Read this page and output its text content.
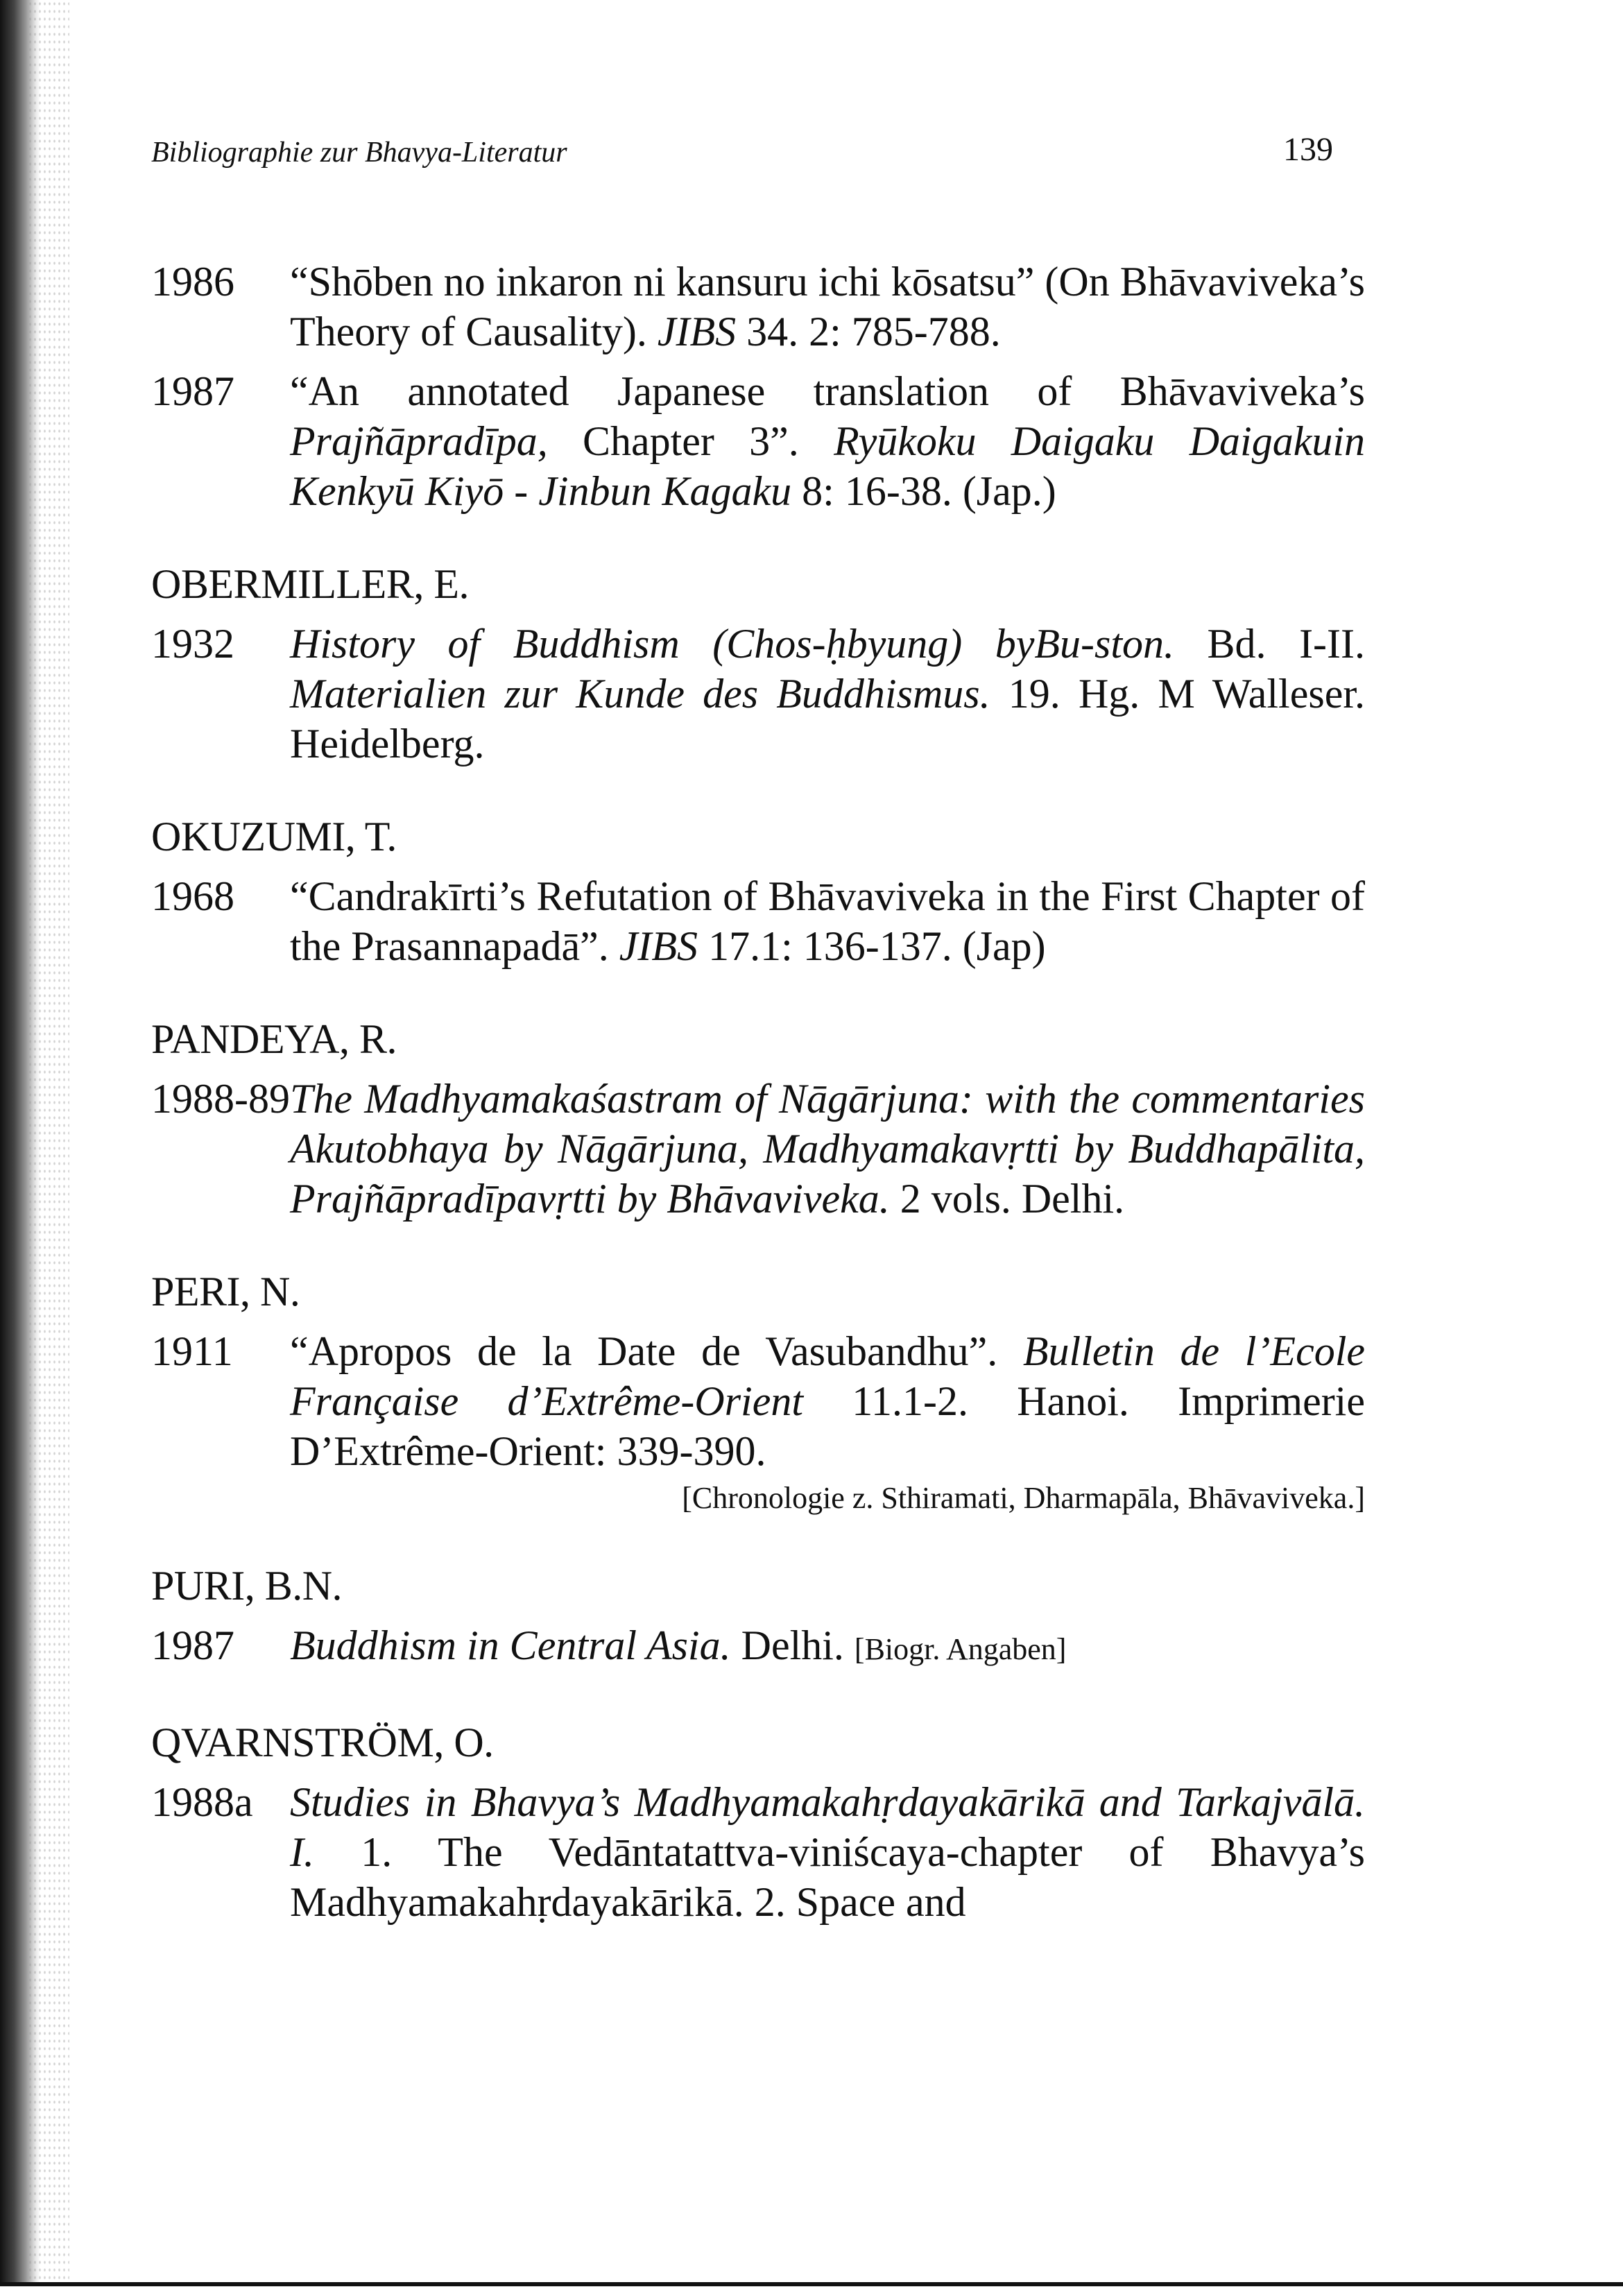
Bibliographie zur Bhavya-Literatur	139
1986	“Shōben no inkaron ni kansuru ichi kōsatsu” (On Bhāvaviveka’s Theory of Causality). JIBS 34. 2: 785-788.
1987	“An annotated Japanese translation of Bhāvaviveka’s Prajñāpradīpa, Chapter 3”. Ryūkoku Daigaku Daigakuin Kenkyū Kiyō - Jinbun Kagaku 8: 16-38. (Jap.)
OBERMILLER, E.
1932	History of Buddhism (Chos-ḥbyung) byBu-ston. Bd. I-II. Materialien zur Kunde des Buddhismus. 19. Hg. M Walleser. Heidelberg.
OKUZUMI, T.
1968	“Candrakīrti’s Refutation of Bhāvaviveka in the First Chapter of the Prasannapadā”. JIBS 17.1: 136-137. (Jap)
PANDEYA, R.
1988-89 The Madhyamakaśastram of Nāgārjuna: with the commentaries Akutobhaya by Nāgārjuna, Madhyamakavṛtti by Buddhapālita, Prajñāpradīpavṛtti by Bhāvaviveka. 2 vols. Delhi.
PERI, N.
1911	“Apropos de la Date de Vasubandhu”. Bulletin de l’Ecole Française d’Extrême-Orient 11.1-2. Hanoi. Imprimerie D’Extrême-Orient: 339-390.
[Chronologie z. Sthiramati, Dharmapāla, Bhāvaviveka.]
PURI, B.N.
1987	Buddhism in Central Asia. Delhi. [Biogr. Angaben]
QVARNSTRÖM, O.
1988a Studies in Bhavya’s Madhyamakahṛdayakārikā and Tarkajvālā. I. 1. The Vedāntatattva-viniścaya-chapter of Bhavya’s Madhyamakahṛdayakārikā. 2. Space and
